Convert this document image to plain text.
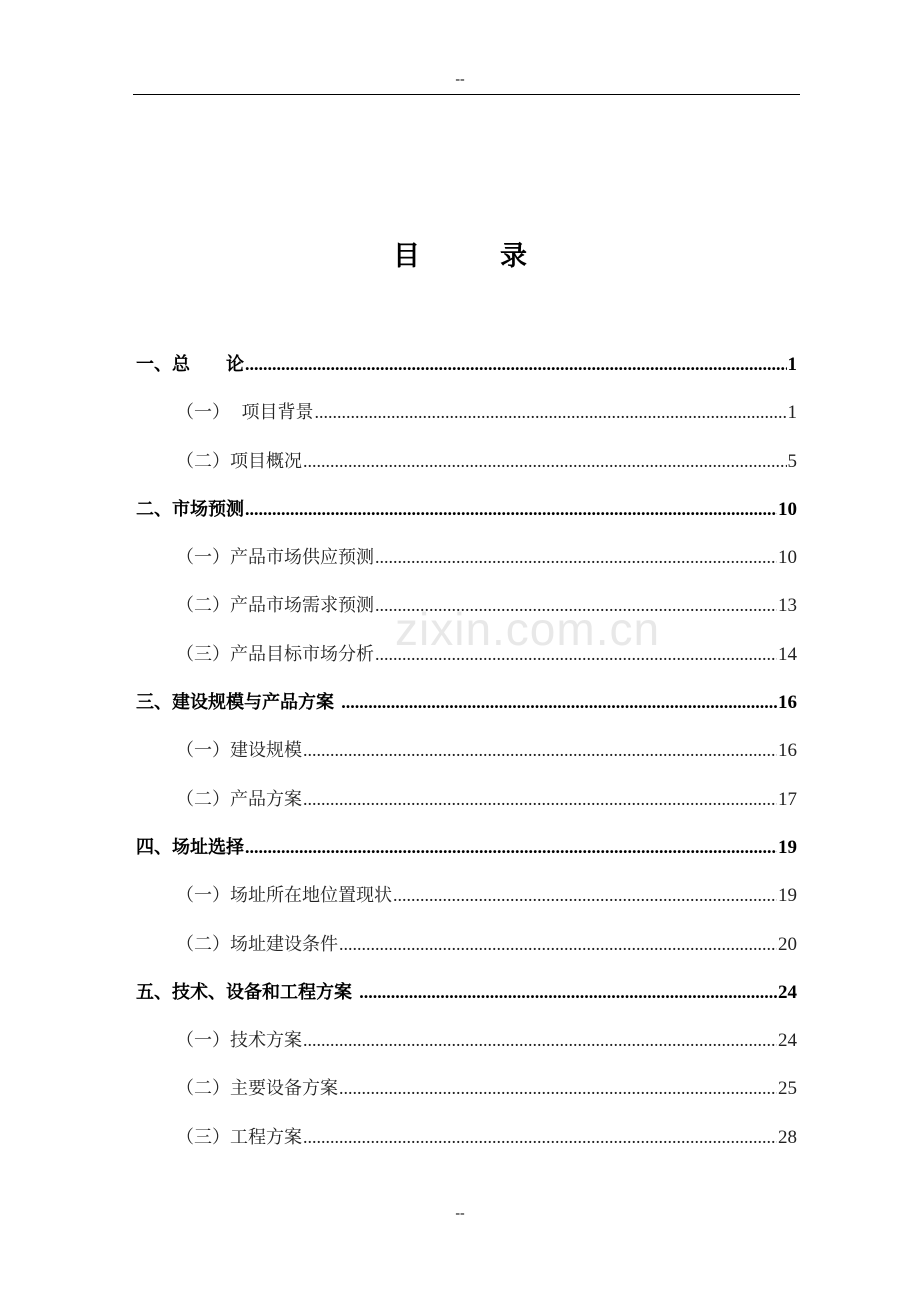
--
目	录
zixin.com.cn
一、总　　论 .....	1
（一）  项目背景 .....	1
（二）项目概况 .....	5
二、市场预测 .....	10
（一）产品市场供应预测 .....	10
（二）产品市场需求预测 .....	13
（三）产品目标市场分析 .....	14
三、建设规模与产品方案 .....	16
（一）建设规模 .....	16
（二）产品方案 .....	17
四、场址选择 .....	19
（一）场址所在地位置现状 .....	19
（二）场址建设条件 .....	20
五、技术、设备和工程方案 .....	24
（一）技术方案 .....	24
（二）主要设备方案 .....	25
（三）工程方案 .....	28
--
